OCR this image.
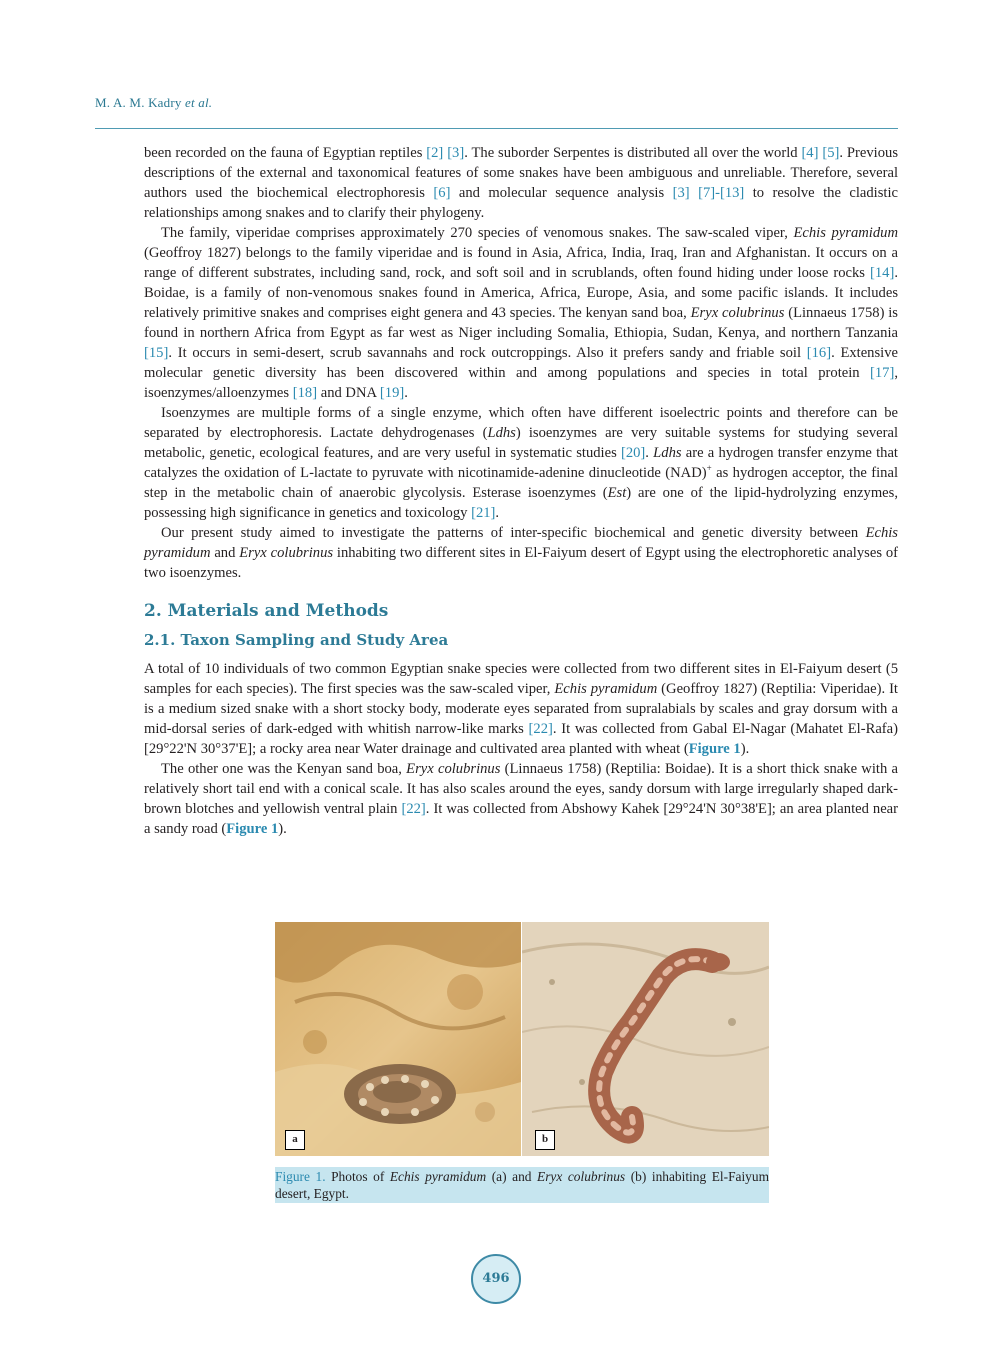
M. A. M. Kadry et al.

been recorded on the fauna of Egyptian reptiles [2] [3]. The suborder Serpentes is distributed all over the world [4] [5]. Previous descriptions of the external and taxonomical features of some snakes have been ambiguous and unreliable. Therefore, several authors used the biochemical electrophoresis [6] and molecular sequence analysis [3] [7]-[13] to resolve the cladistic relationships among snakes and to clarify their phylogeny.

The family, viperidae comprises approximately 270 species of venomous snakes. The saw-scaled viper, Echis pyramidum (Geoffroy 1827) belongs to the family viperidae and is found in Asia, Africa, India, Iraq, Iran and Afghanistan. It occurs on a range of different substrates, including sand, rock, and soft soil and in scrublands, often found hiding under loose rocks [14]. Boidae, is a family of non-venomous snakes found in America, Africa, Europe, Asia, and some pacific islands. It includes relatively primitive snakes and comprises eight genera and 43 species. The kenyan sand boa, Eryx colubrinus (Linnaeus 1758) is found in northern Africa from Egypt as far west as Niger including Somalia, Ethiopia, Sudan, Kenya, and northern Tanzania [15]. It occurs in semi-desert, scrub savannahs and rock outcroppings. Also it prefers sandy and friable soil [16]. Extensive molecular genetic diversity has been discovered within and among populations and species in total protein [17], isoenzymes/alloenzymes [18] and DNA [19].

Isoenzymes are multiple forms of a single enzyme, which often have different isoelectric points and therefore can be separated by electrophoresis. Lactate dehydrogenases (Ldhs) isoenzymes are very suitable systems for studying several metabolic, genetic, ecological features, and are very useful in systematic studies [20]. Ldhs are a hydrogen transfer enzyme that catalyzes the oxidation of L-lactate to pyruvate with nicotinamide-adenine dinucleotide (NAD)+ as hydrogen acceptor, the final step in the metabolic chain of anaerobic glycolysis. Esterase isoenzymes (Est) are one of the lipid-hydrolyzing enzymes, possessing high significance in genetics and toxicology [21].

Our present study aimed to investigate the patterns of inter-specific biochemical and genetic diversity between Echis pyramidum and Eryx colubrinus inhabiting two different sites in El-Faiyum desert of Egypt using the electrophoretic analyses of two isoenzymes.

2. Materials and Methods
2.1. Taxon Sampling and Study Area

A total of 10 individuals of two common Egyptian snake species were collected from two different sites in El-Faiyum desert (5 samples for each species). The first species was the saw-scaled viper, Echis pyramidum (Geoffroy 1827) (Reptilia: Viperidae). It is a medium sized snake with a short stocky body, moderate eyes separated from supralabials by scales and gray dorsum with a mid-dorsal series of dark-edged with whitish narrow-like marks [22]. It was collected from Gabal El-Nagar (Mahatet El-Rafa) [29°22'N 30°37'E]; a rocky area near Water drainage and cultivated area planted with wheat (Figure 1).

The other one was the Kenyan sand boa, Eryx colubrinus (Linnaeus 1758) (Reptilia: Boidae). It is a short thick snake with a relatively short tail end with a conical scale. It has also scales around the eyes, sandy dorsum with large irregularly shaped dark-brown blotches and yellowish ventral plain [22]. It was collected from Abshowy Kahek [29°24'N 30°38'E]; an area planted near a sandy road (Figure 1).

a	b
Figure 1. Photos of Echis pyramidum (a) and Eryx colubrinus (b) inhabiting El-Faiyum desert, Egypt.
496
